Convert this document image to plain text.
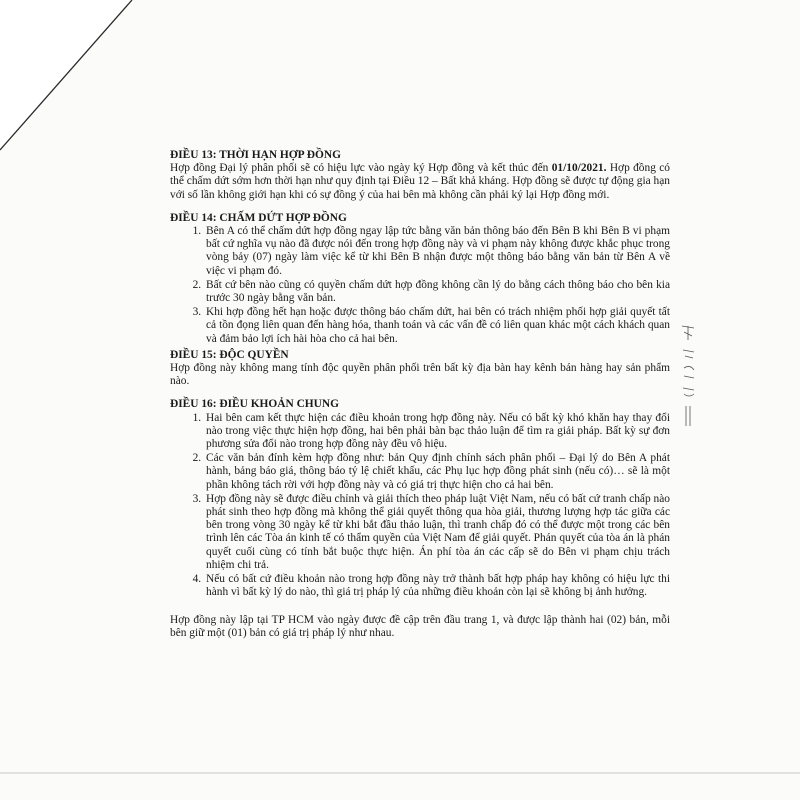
ĐIỀU 13: THỜI HẠN HỢP ĐỒNG

Hợp đồng Đại lý phân phối sẽ có hiệu lực vào ngày ký Hợp đồng và kết thúc đến 01/10/2021. Hợp đồng có thể chấm dứt sớm hơn thời hạn như quy định tại Điều 12 – Bất khả kháng. Hợp đồng sẽ được tự động gia hạn với số lần không giới hạn khi có sự đồng ý của hai bên mà không cần phải ký lại Hợp đồng mới.

ĐIỀU 14: CHẤM DỨT HỢP ĐỒNG

1. Bên A có thể chấm dứt hợp đồng ngay lập tức bằng văn bản thông báo đến Bên B khi Bên B vi phạm bất cứ nghĩa vụ nào đã được nói đến trong hợp đồng này và vi phạm này không được khắc phục trong vòng bảy (07) ngày làm việc kể từ khi Bên B nhận được một thông báo bằng văn bản từ Bên A về việc vi phạm đó.
2. Bất cứ bên nào cũng có quyền chấm dứt hợp đồng không cần lý do bằng cách thông báo cho bên kia trước 30 ngày bằng văn bản.
3. Khi hợp đồng hết hạn hoặc được thông báo chấm dứt, hai bên có trách nhiệm phối hợp giải quyết tất cả tồn đọng liên quan đến hàng hóa, thanh toán và các vấn đề có liên quan khác một cách khách quan và đảm bảo lợi ích hài hòa cho cả hai bên.

ĐIỀU 15: ĐỘC QUYỀN

Hợp đồng này không mang tính độc quyền phân phối trên bất kỳ địa bàn hay kênh bán hàng hay sản phẩm nào.

ĐIỀU 16: ĐIỀU KHOẢN CHUNG

1. Hai bên cam kết thực hiện các điều khoản trong hợp đồng này. Nếu có bất kỳ khó khăn hay thay đổi nào trong việc thực hiện hợp đồng, hai bên phải bàn bạc thảo luận để tìm ra giải pháp. Bất kỳ sự đơn phương sửa đổi nào trong hợp đồng này đều vô hiệu.
2. Các văn bản đính kèm hợp đồng như: bản Quy định chính sách phân phối – Đại lý do Bên A phát hành, bảng báo giá, thông báo tỷ lệ chiết khấu, các Phụ lục hợp đồng phát sinh (nếu có)… sẽ là một phần không tách rời với hợp đồng này và có giá trị thực hiện cho cả hai bên.
3. Hợp đồng này sẽ được điều chỉnh và giải thích theo pháp luật Việt Nam, nếu có bất cứ tranh chấp nào phát sinh theo hợp đồng mà không thể giải quyết thông qua hòa giải, thương lượng hợp tác giữa các bên trong vòng 30 ngày kể từ khi bắt đầu thảo luận, thì tranh chấp đó có thể được một trong các bên trình lên các Tòa án kinh tế có thẩm quyền của Việt Nam để giải quyết. Phán quyết của tòa án là phán quyết cuối cùng có tính bắt buộc thực hiện. Án phí tòa án các cấp sẽ do Bên vi phạm chịu trách nhiệm chi trả.
4. Nếu có bất cứ điều khoản nào trong hợp đồng này trở thành bất hợp pháp hay không có hiệu lực thi hành vì bất kỳ lý do nào, thì giá trị pháp lý của những điều khoản còn lại sẽ không bị ảnh hưởng.

Hợp đồng này lập tại TP HCM vào ngày được đề cập trên đầu trang 1, và được lập thành hai (02) bản, mỗi bên giữ một (01) bản có giá trị pháp lý như nhau.
